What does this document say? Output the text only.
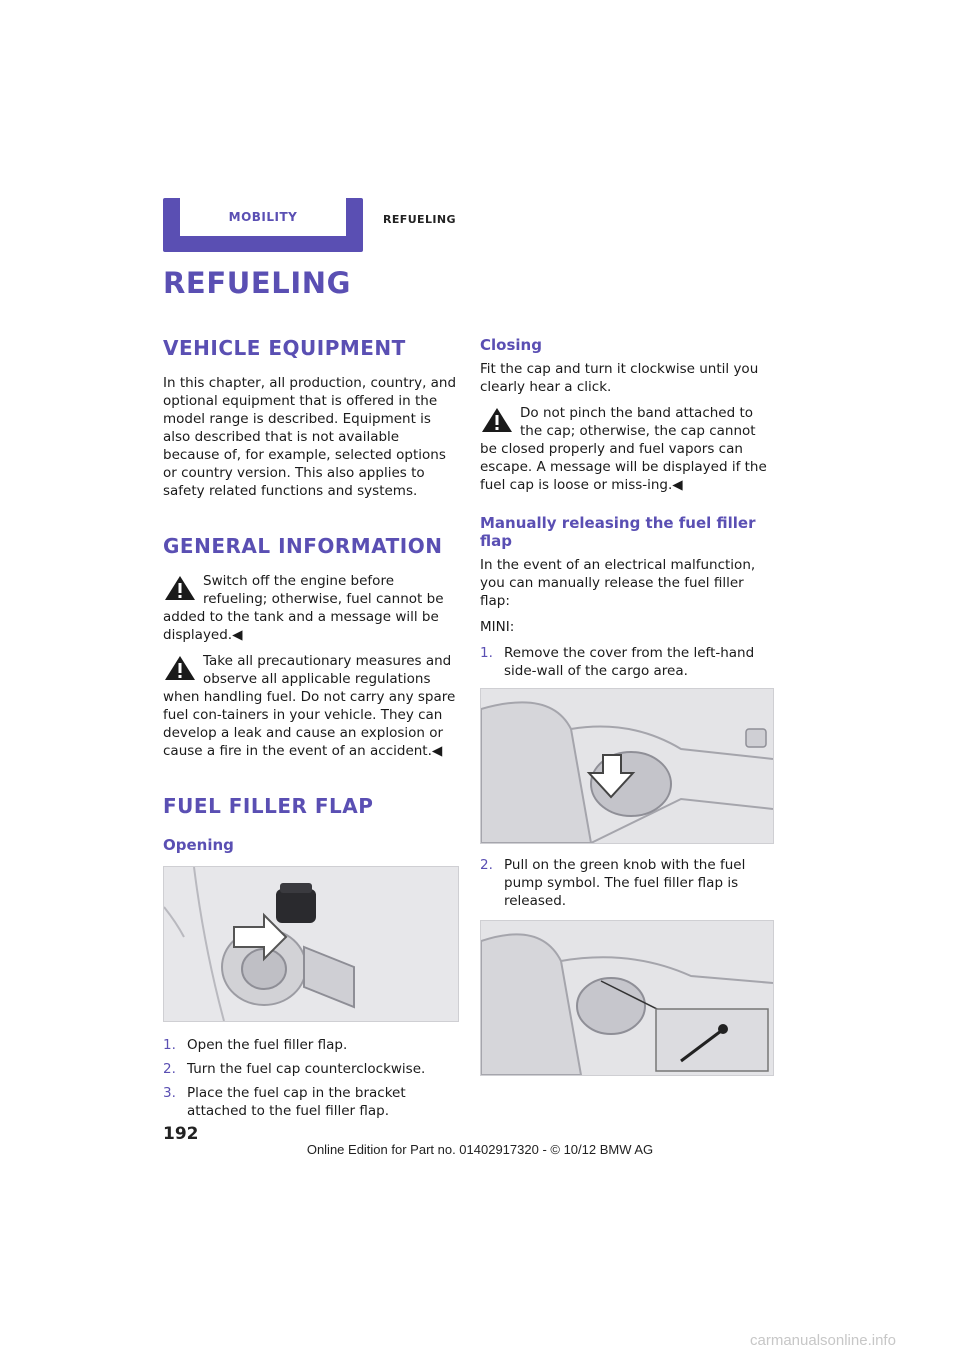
MOBILITY	REFUELING
REFUELING
VEHICLE EQUIPMENT

In this chapter, all production, country, and optional equipment that is offered in the model range is described. Equipment is also described that is not available because of, for example, selected options or country version. This also applies to safety related functions and systems.

GENERAL INFORMATION

Switch off the engine before refueling; otherwise, fuel cannot be added to the tank and a message will be displayed.◀

Take all precautionary measures and observe all applicable regulations when handling fuel. Do not carry any spare fuel con-tainers in your vehicle. They can develop a leak and cause an explosion or cause a fire in the event of an accident.◀

FUEL FILLER FLAP
Opening
1. Open the fuel filler flap.
2. Turn the fuel cap counterclockwise.
3. Place the fuel cap in the bracket attached to the fuel filler flap.
Closing

Fit the cap and turn it clockwise until you clearly hear a click.

Do not pinch the band attached to the cap; otherwise, the cap cannot be closed properly and fuel vapors can escape. A message will be displayed if the fuel cap is loose or miss-ing.◀

Manually releasing the fuel filler flap

In the event of an electrical malfunction, you can manually release the fuel filler flap:

MINI:

1. Remove the cover from the left-hand side-wall of the cargo area.
2. Pull on the green knob with the fuel pump symbol. The fuel filler flap is released.
192
Online Edition for Part no. 01402917320 - © 10/12 BMW AG
carmanualsonline.info
